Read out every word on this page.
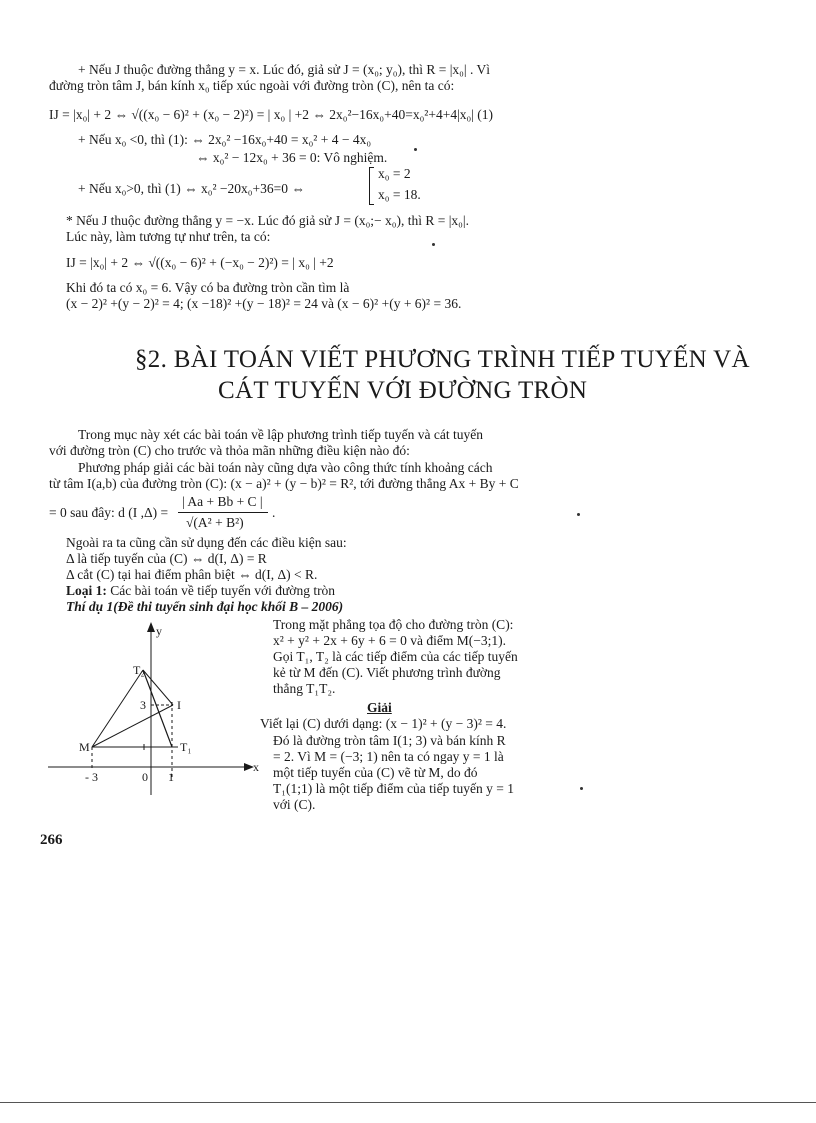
+ Nếu J thuộc đường thẳng y = x. Lúc đó, giả sử J = (x₀; y₀), thì R = |x₀| . Vì
đường tròn tâm J, bán kính x₀ tiếp xúc ngoài với đường tròn (C), nên ta có:
IJ = |x₀| + 2 ⇔ √((x₀ − 6)² + (x₀ − 2)²) = | x₀ | +2 ⇔ 2x₀²−16x₀+40=x₀²+4+4|x₀| (1)
+ Nếu x₀ <0, thì (1): ⇔ 2x₀² −16x₀+40 = x₀² + 4 − 4x₀
⇔ x₀² − 12x₀ + 36 = 0: Vô nghiệm.
+ Nếu x₀>0, thì (1) ⇔ x₀² −20x₀+36=0 ⇔
x₀ = 2
x₀ = 18.
* Nếu J thuộc đường thẳng y = −x. Lúc đó giả sử J = (x₀;− x₀), thì R = |x₀|.
Lúc này, làm tương tự như trên, ta có:
IJ = |x₀| + 2 ⇔ √((x₀ − 6)² + (−x₀ − 2)²) = | x₀ | +2
Khi đó ta có x₀ = 6. Vậy có ba đường tròn cần tìm là
(x − 2)² +(y − 2)² = 4; (x −18)² +(y − 18)² = 24 và (x − 6)² +(y + 6)² = 36.
§2. BÀI TOÁN VIẾT PHƯƠNG TRÌNH TIẾP TUYẾN VÀ
CÁT TUYẾN VỚI ĐƯỜNG TRÒN
Trong mục này xét các bài toán về lập phương trình tiếp tuyến và cát tuyến
với đường tròn (C) cho trước và thỏa mãn những điều kiện nào đó:
Phương pháp giải các bài toán này cũng dựa vào công thức tính khoảng cách
từ tâm I(a,b) của đường tròn (C): (x − a)² + (y − b)² = R², tới đường thẳng Ax + By + C
= 0 sau đây: d (I ,Δ) =
| Aa + Bb + C |
√(A² + B²)
.
Ngoài ra ta cũng cần sử dụng đến các điều kiện sau:
Δ là tiếp tuyến của (C) ⇔ d(I, Δ) = R
Δ cắt (C) tại hai điểm phân biệt ⇔ d(I, Δ) < R.
Loại 1: Các bài toán về tiếp tuyến với đường tròn
Thí dụ 1(Đề thi tuyển sinh đại học khối B – 2006)
Trong mặt phẳng tọa độ cho đường tròn (C):
x² + y² + 2x + 6y + 6 = 0 và điểm M(−3;1).
Gọi T₁, T₂ là các tiếp điểm của các tiếp tuyến
kẻ từ M đến (C). Viết phương trình đường
thẳng T₁T₂.
Giải
Viết lại (C) dưới dạng: (x − 1)² + (y − 3)² = 4.
Đó là đường tròn tâm I(1; 3) và bán kính R
= 2. Vì M = (−3; 1) nên ta có ngay y = 1 là
một tiếp tuyến của (C) vẽ từ M, do đó
T₁(1;1) là một tiếp điểm của tiếp tuyến y = 1
với (C).
y
x
T₂
T₁
I
M
3
- 3	0 1
266
